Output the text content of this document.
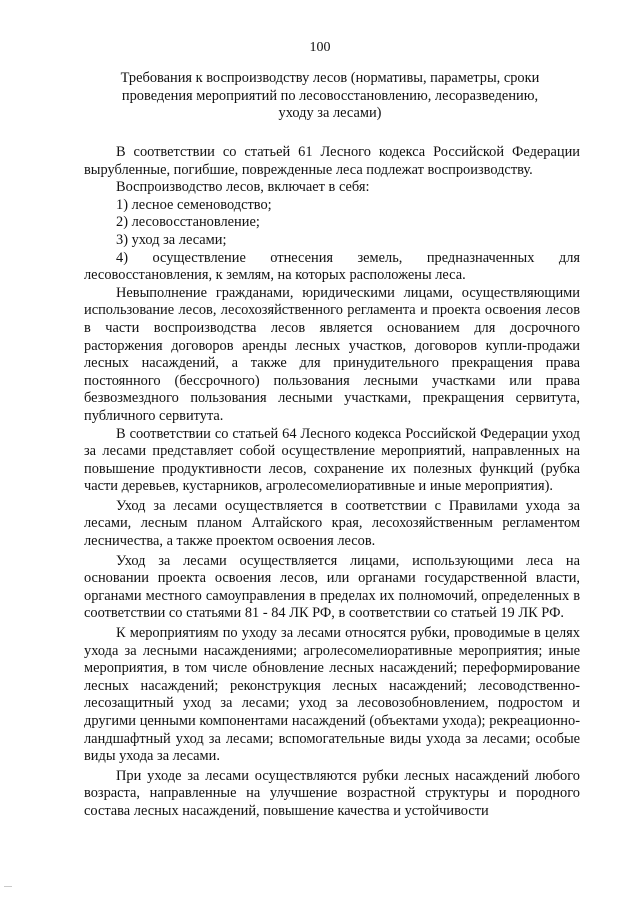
100
Требования к воспроизводству лесов (нормативы, параметры, сроки проведения мероприятий по лесовосстановлению, лесоразведению, уходу за лесами)

В соответствии со статьей 61 Лесного кодекса Российской Федерации вырубленные, погибшие, поврежденные леса подлежат воспроизводству.

Воспроизводство лесов, включает в себя:

1) лесное семеноводство;

2) лесовосстановление;

3) уход за лесами;

4) осуществление отнесения земель, предназначенных для лесовосстановления, к землям, на которых расположены леса.

Невыполнение гражданами, юридическими лицами, осуществляющими использование лесов, лесохозяйственного регламента и проекта освоения лесов в части воспроизводства лесов является основанием для досрочного расторжения договоров аренды лесных участков, договоров купли-продажи лесных насаждений, а также для принудительного прекращения права постоянного (бессрочного) пользования лесными участками или права безвозмездного пользования лесными участками, прекращения сервитута, публичного сервитута.

В соответствии со статьей 64 Лесного кодекса Российской Федерации уход за лесами представляет собой осуществление мероприятий, направленных на повышение продуктивности лесов, сохранение их полезных функций (рубка части деревьев, кустарников, агролесомелиоративные и иные мероприятия).

Уход за лесами осуществляется в соответствии с Правилами ухода за лесами, лесным планом Алтайского края, лесохозяйственным регламентом лесничества, а также проектом освоения лесов.

Уход за лесами осуществляется лицами, использующими леса на основании проекта освоения лесов, или органами государственной власти, органами местного самоуправления в пределах их полномочий, определенных в соответствии со статьями 81 - 84 ЛК РФ, в соответствии со статьей 19 ЛК РФ.

К мероприятиям по уходу за лесами относятся рубки, проводимые в целях ухода за лесными насаждениями; агролесомелиоративные мероприятия; иные мероприятия, в том числе обновление лесных насаждений; переформирование лесных насаждений; реконструкция лесных насаждений; лесоводственно-лесозащитный уход за лесами; уход за лесовозобновлением, подростом и другими ценными компонентами насаждений (объектами ухода); рекреационно-ландшафтный уход за лесами; вспомогательные виды ухода за лесами; особые виды ухода за лесами.

При уходе за лесами осуществляются рубки лесных насаждений любого возраста, направленные на улучшение возрастной структуры и породного состава лесных насаждений, повышение качества и устойчивости
